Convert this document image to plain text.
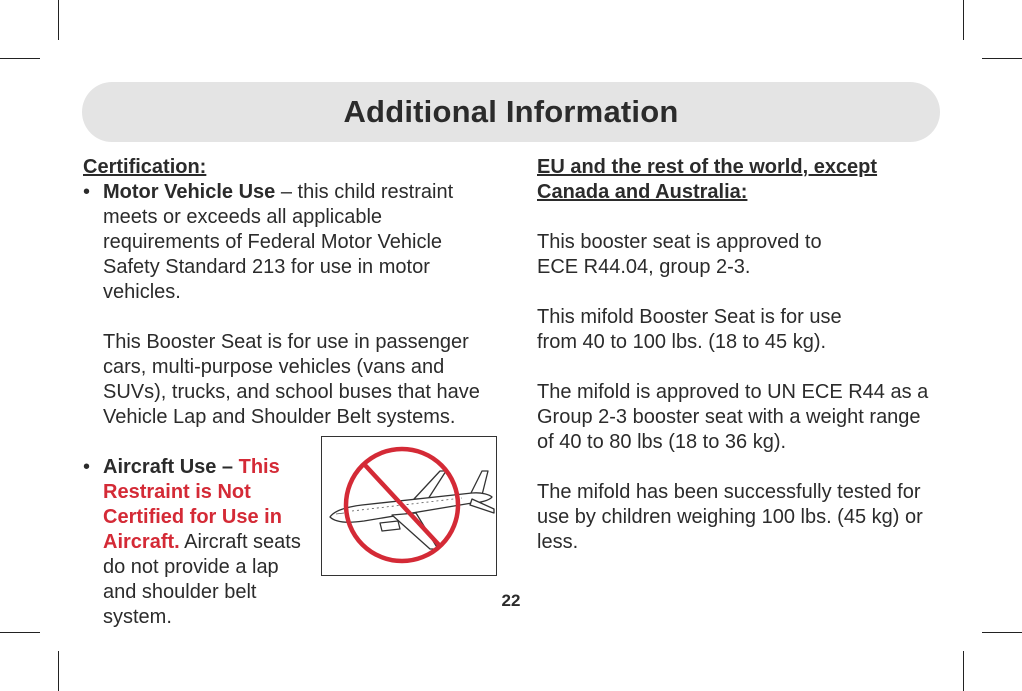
Additional Information

Certification:

• Motor Vehicle Use – this child restraint meets or exceeds all applicable requirements of Federal Motor Vehicle Safety Standard 213 for use in motor vehicles.

This Booster Seat is for use in passenger cars, multi-purpose vehicles (vans and SUVs), trucks, and school buses that have Vehicle Lap and Shoulder Belt systems.

• Aircraft Use – This Restraint is Not Certified for Use in Aircraft. Aircraft seats do not provide a lap and shoulder belt system.

EU and the rest of the world, except Canada and Australia:

This booster seat is approved to ECE R44.04, group 2-3.

This mifold Booster Seat is for use from 40 to 100 lbs. (18 to 45 kg).

The mifold is approved to UN ECE R44 as a Group 2-3 booster seat with a weight range of 40 to 80 lbs (18 to 36 kg).

The mifold has been successfully tested for use by children weighing 100 lbs. (45 kg) or less.

22
